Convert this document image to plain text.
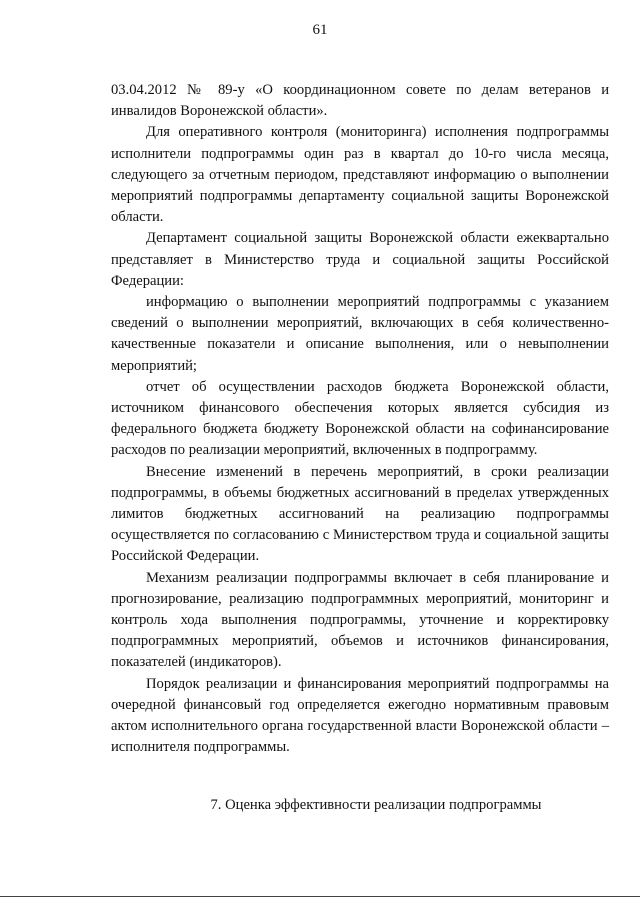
61

03.04.2012 № 89-у «О координационном совете по делам ветеранов и инвалидов Воронежской области».

Для оперативного контроля (мониторинга) исполнения подпрограммы исполнители подпрограммы один раз в квартал до 10-го числа месяца, следующего за отчетным периодом, представляют информацию о выполнении мероприятий подпрограммы департаменту социальной защиты Воронежской области.

Департамент социальной защиты Воронежской области ежеквартально представляет в Министерство труда и социальной защиты Российской Федерации:

информацию о выполнении мероприятий подпрограммы с указанием сведений о выполнении мероприятий, включающих в себя количественно-качественные показатели и описание выполнения, или о невыполнении мероприятий;

отчет об осуществлении расходов бюджета Воронежской области, источником финансового обеспечения которых является субсидия из федерального бюджета бюджету Воронежской области на софинансирование расходов по реализации мероприятий, включенных в подпрограмму.

Внесение изменений в перечень мероприятий, в сроки реализации подпрограммы, в объемы бюджетных ассигнований в пределах утвержденных лимитов бюджетных ассигнований на реализацию подпрограммы осуществляется по согласованию с Министерством труда и социальной защиты Российской Федерации.

Механизм реализации подпрограммы включает в себя планирование и прогнозирование, реализацию подпрограммных мероприятий, мониторинг и контроль хода выполнения подпрограммы, уточнение и корректировку подпрограммных мероприятий, объемов и источников финансирования, показателей (индикаторов).

Порядок реализации и финансирования мероприятий подпрограммы на очередной финансовый год определяется ежегодно нормативным правовым актом исполнительного органа государственной власти Воронежской области – исполнителя подпрограммы.

7. Оценка эффективности реализации подпрограммы
